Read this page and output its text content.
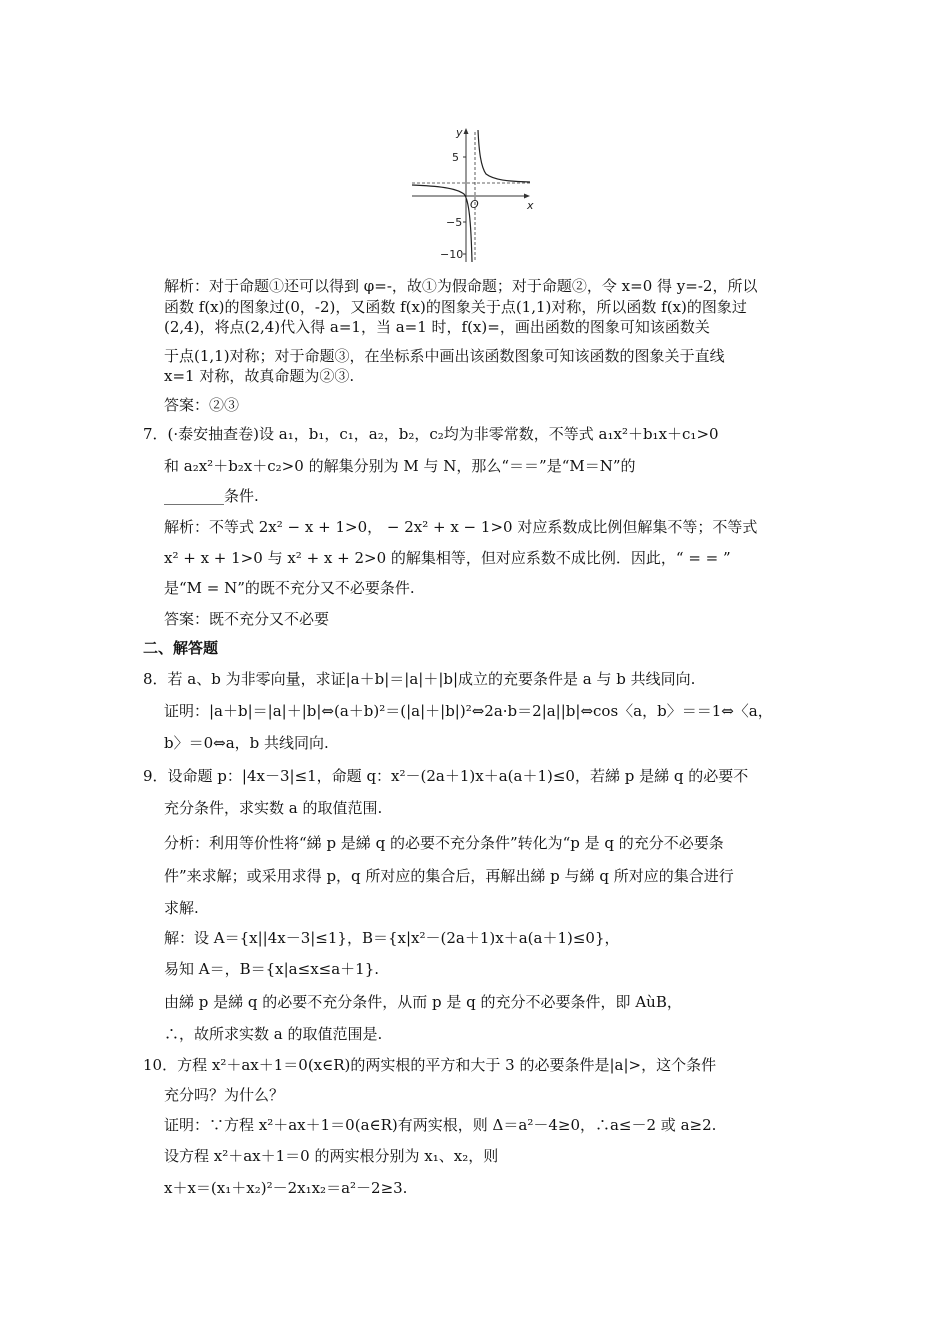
y
x
O
5
−5
−10
解析：对于命题①还可以得到 φ=-，故①为假命题；对于命题②，令 x=0 得 y=-2，所以
函数 f(x)的图象过(0，-2)，又函数 f(x)的图象关于点(1,1)对称，所以函数 f(x)的图象过
(2,4)，将点(2,4)代入得 a=1，当 a=1 时，f(x)=，画出函数的图象可知该函数关
于点(1,1)对称；对于命题③，在坐标系中画出该函数图象可知该函数的图象关于直线
x=1 对称，故真命题为②③.
答案：②③
7．(·泰安抽查卷)设 a₁，b₁，c₁，a₂，b₂，c₂均为非零常数，不等式 a₁x²＋b₁x＋c₁>0
和 a₂x²＋b₂x＋c₂>0 的解集分别为 M 与 N，那么“＝＝”是“M＝N”的
________条件.
解析：不等式 2x² − x + 1>0， − 2x² + x − 1>0 对应系数成比例但解集不等；不等式
x² + x + 1>0 与 x² + x + 2>0 的解集相等，但对应系数不成比例．因此，“ = = ”
是“M = N”的既不充分又不必要条件.
答案：既不充分又不必要
二、解答题
8．若 a、b 为非零向量，求证|a＋b|＝|a|＋|b|成立的充要条件是 a 与 b 共线同向.
证明：|a＋b|＝|a|＋|b|⇔(a＋b)²＝(|a|＋|b|)²⇔2a·b＝2|a||b|⇔cos〈a，b〉＝＝1⇔〈a，
b〉＝0⇔a，b 共线同向.
9．设命题 p：|4x－3|≤1，命题 q：x²－(2a＋1)x＋a(a＋1)≤0，若綈 p 是綈 q 的必要不
充分条件，求实数 a 的取值范围.
分析：利用等价性将“綈 p 是綈 q 的必要不充分条件”转化为“p 是 q 的充分不必要条
件”来求解；或采用求得 p，q 所对应的集合后，再解出綈 p 与綈 q 所对应的集合进行
求解.
解：设 A＝{x||4x－3|≤1}，B＝{x|x²－(2a＋1)x＋a(a＋1)≤0}，
易知 A＝，B＝{x|a≤x≤a＋1}.
由綈 p 是綈 q 的必要不充分条件，从而 p 是 q 的充分不必要条件，即 AùB，
∴，故所求实数 a 的取值范围是.
10．方程 x²＋ax＋1＝0(x∈R)的两实根的平方和大于 3 的必要条件是|a|>，这个条件
充分吗？为什么？
证明：∵方程 x²＋ax＋1＝0(a∈R)有两实根，则 Δ＝a²－4≥0，∴a≤－2 或 a≥2.
设方程 x²＋ax＋1＝0 的两实根分别为 x₁、x₂，则
x＋x＝(x₁＋x₂)²－2x₁x₂＝a²－2≥3.
